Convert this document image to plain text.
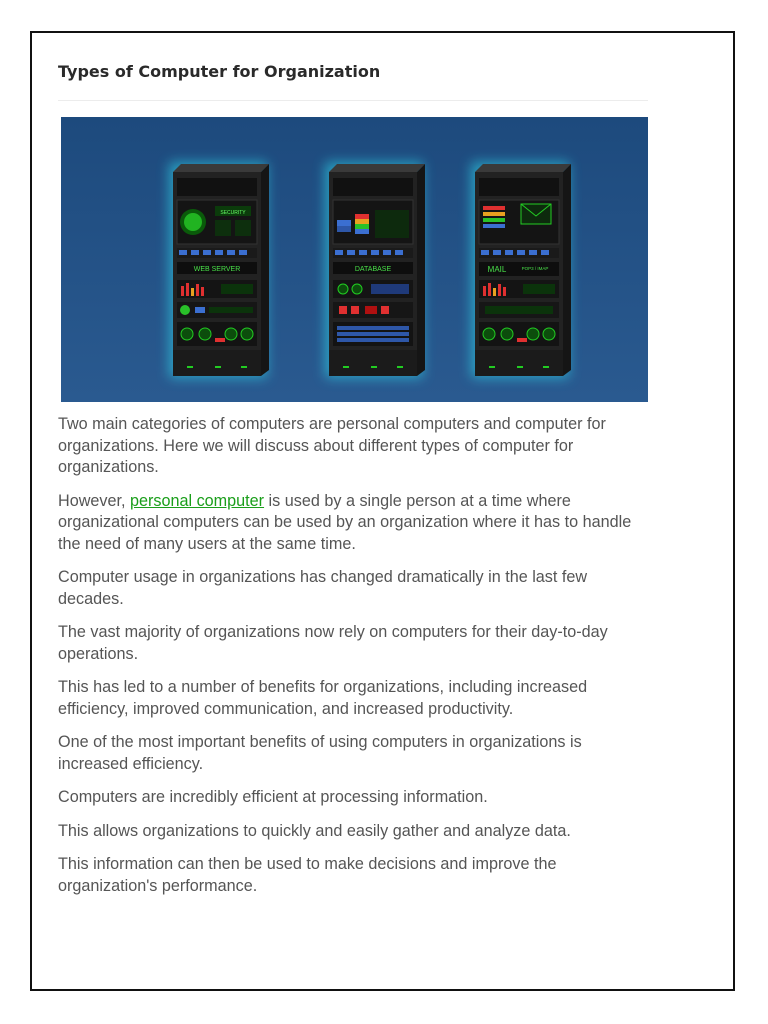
Types of Computer for Organization
SECURITY
WEB SERVER	DATABASE	MAIL	POP3 / IMAP

Two main categories of computers are personal computers and computer for organizations. Here we will discuss about different types of computer for organizations.

However, personal computer is used by a single person at a time where organizational computers can be used by an organization where it has to handle the need of many users at the same time.

Computer usage in organizations has changed dramatically in the last few decades.

The vast majority of organizations now rely on computers for their day-to-day operations.

This has led to a number of benefits for organizations, including increased efficiency, improved communication, and increased productivity.

One of the most important benefits of using computers in organizations is increased efficiency.

Computers are incredibly efficient at processing information.

This allows organizations to quickly and easily gather and analyze data.

This information can then be used to make decisions and improve the organization's performance.
